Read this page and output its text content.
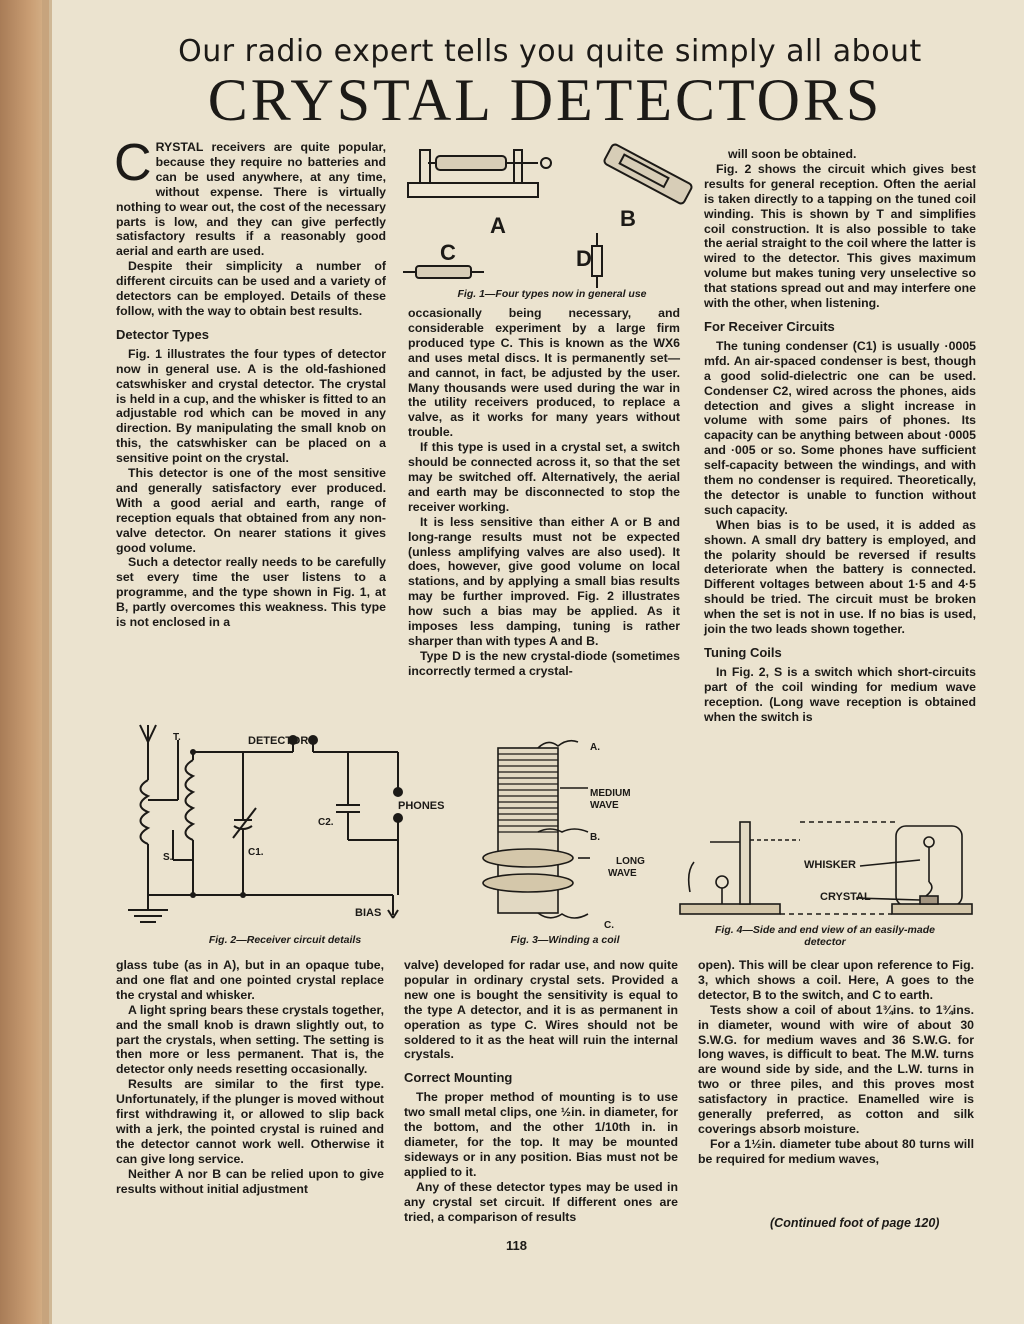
Our radio expert tells you quite simply all about
CRYSTAL DETECTORS

CRYSTAL receivers are quite popular, because they require no batteries and can be used anywhere, at any time, without expense. There is virtually nothing to wear out, the cost of the necessary parts is low, and they can give perfectly satisfactory results if a reasonably good aerial and earth are used.

Despite their simplicity a number of different circuits can be used and a variety of detectors can be employed. Details of these follow, with the way to obtain best results.

Detector Types

Fig. 1 illustrates the four types of detector now in general use. A is the old-fashioned catswhisker and crystal detector. The crystal is held in a cup, and the whisker is fitted to an adjustable rod which can be moved in any direction. By manipulating the small knob on this, the catswhisker can be placed on a sensitive point on the crystal.

This detector is one of the most sensitive and generally satisfactory ever produced. With a good aerial and earth, range of reception equals that obtained from any non-valve detector. On nearer stations it gives good volume.

Such a detector really needs to be carefully set every time the user listens to a programme, and the type shown in Fig. 1, at B, partly overcomes this weakness. This type is not enclosed in a

A	B
C	D
Fig. 1—Four types now in general use

occasionally being necessary, and considerable experiment by a large firm produced type C. This is known as the WX6 and uses metal discs. It is permanently set—and cannot, in fact, be adjusted by the user. Many thousands were used during the war in the utility receivers produced, to replace a valve, as it works for many years without trouble.

If this type is used in a crystal set, a switch should be connected across it, so that the set may be switched off. Alternatively, the aerial and earth may be disconnected to stop the receiver working.

It is less sensitive than either A or B and long-range results must not be expected (unless amplifying valves are also used). It does, however, give good volume on local stations, and by applying a small bias results may be further improved. Fig. 2 illustrates how such a bias may be applied. As it imposes less damping, tuning is rather sharper than with types A and B.

Type D is the new crystal-diode (sometimes incorrectly termed a crystal-

will soon be obtained.

Fig. 2 shows the circuit which gives best results for general reception. Often the aerial is taken directly to a tapping on the tuned coil winding. This is shown by T and simplifies coil construction. It is also possible to take the aerial straight to the coil where the latter is wired to the detector. This gives maximum volume but makes tuning very unselective so that stations spread out and may interfere one with the other, when listening.

For Receiver Circuits

The tuning condenser (C1) is usually ·0005 mfd. An air-spaced condenser is best, though a good solid-dielectric one can be used. Condenser C2, wired across the phones, aids detection and gives a slight increase in volume with some pairs of phones. Its capacity can be anything between about ·0005 and ·005 or so. Some phones have sufficient self-capacity between the windings, and with them no condenser is required. Theoretically, the detector is unable to function without such capacity.

When bias is to be used, it is added as shown. A small dry battery is employed, and the polarity should be reversed if results deteriorate when the battery is connected. Different voltages between about 1·5 and 4·5 should be tried. The circuit must be broken when the set is not in use. If no bias is used, join the two leads shown together.

Tuning Coils

In Fig. 2, S is a switch which short-circuits part of the coil winding for medium wave reception. (Long wave reception is obtained when the switch is

T.	DETECTOR
PHONES
C2.
C1.
S.
BIAS
Fig. 2—Receiver circuit details
A.
MEDIUM
WAVE
B.
LONG
WAVE
C.
Fig. 3—Winding a coil
WHISKER
CRYSTAL
Fig. 4—Side and end view of an easily-made
detector

glass tube (as in A), but in an opaque tube, and one flat and one pointed crystal replace the crystal and whisker.

A light spring bears these crystals together, and the small knob is drawn slightly out, to part the crystals, when setting. The setting is then more or less permanent. That is, the detector only needs resetting occasionally.

Results are similar to the first type. Unfortunately, if the plunger is moved without first withdrawing it, or allowed to slip back with a jerk, the pointed crystal is ruined and the detector cannot work well. Otherwise it can give long service.

Neither A nor B can be relied upon to give results without initial adjustment

valve) developed for radar use, and now quite popular in ordinary crystal sets. Provided a new one is bought the sensitivity is equal to the type A detector, and it is as permanent in operation as type C. Wires should not be soldered to it as the heat will ruin the internal crystals.

Correct Mounting

The proper method of mounting is to use two small metal clips, one ½in. in diameter, for the bottom, and the other 1/10th in. in diameter, for the top. It may be mounted sideways or in any position. Bias must not be applied to it.

Any of these detector types may be used in any crystal set circuit. If different ones are tried, a comparison of results

open). This will be clear upon reference to Fig. 3, which shows a coil. Here, A goes to the detector, B to the switch, and C to earth.

Tests show a coil of about 1¾ins. to 1¾ins. in diameter, wound with wire of about 30 S.W.G. for medium waves and 36 S.W.G. for long waves, is difficult to beat. The M.W. turns are wound side by side, and the L.W. turns in two or three piles, and this proves most satisfactory in practice. Enamelled wire is generally preferred, as cotton and silk coverings absorb moisture.

For a 1½in. diameter tube about 80 turns will be required for medium waves,

(Continued foot of page 120)
118
